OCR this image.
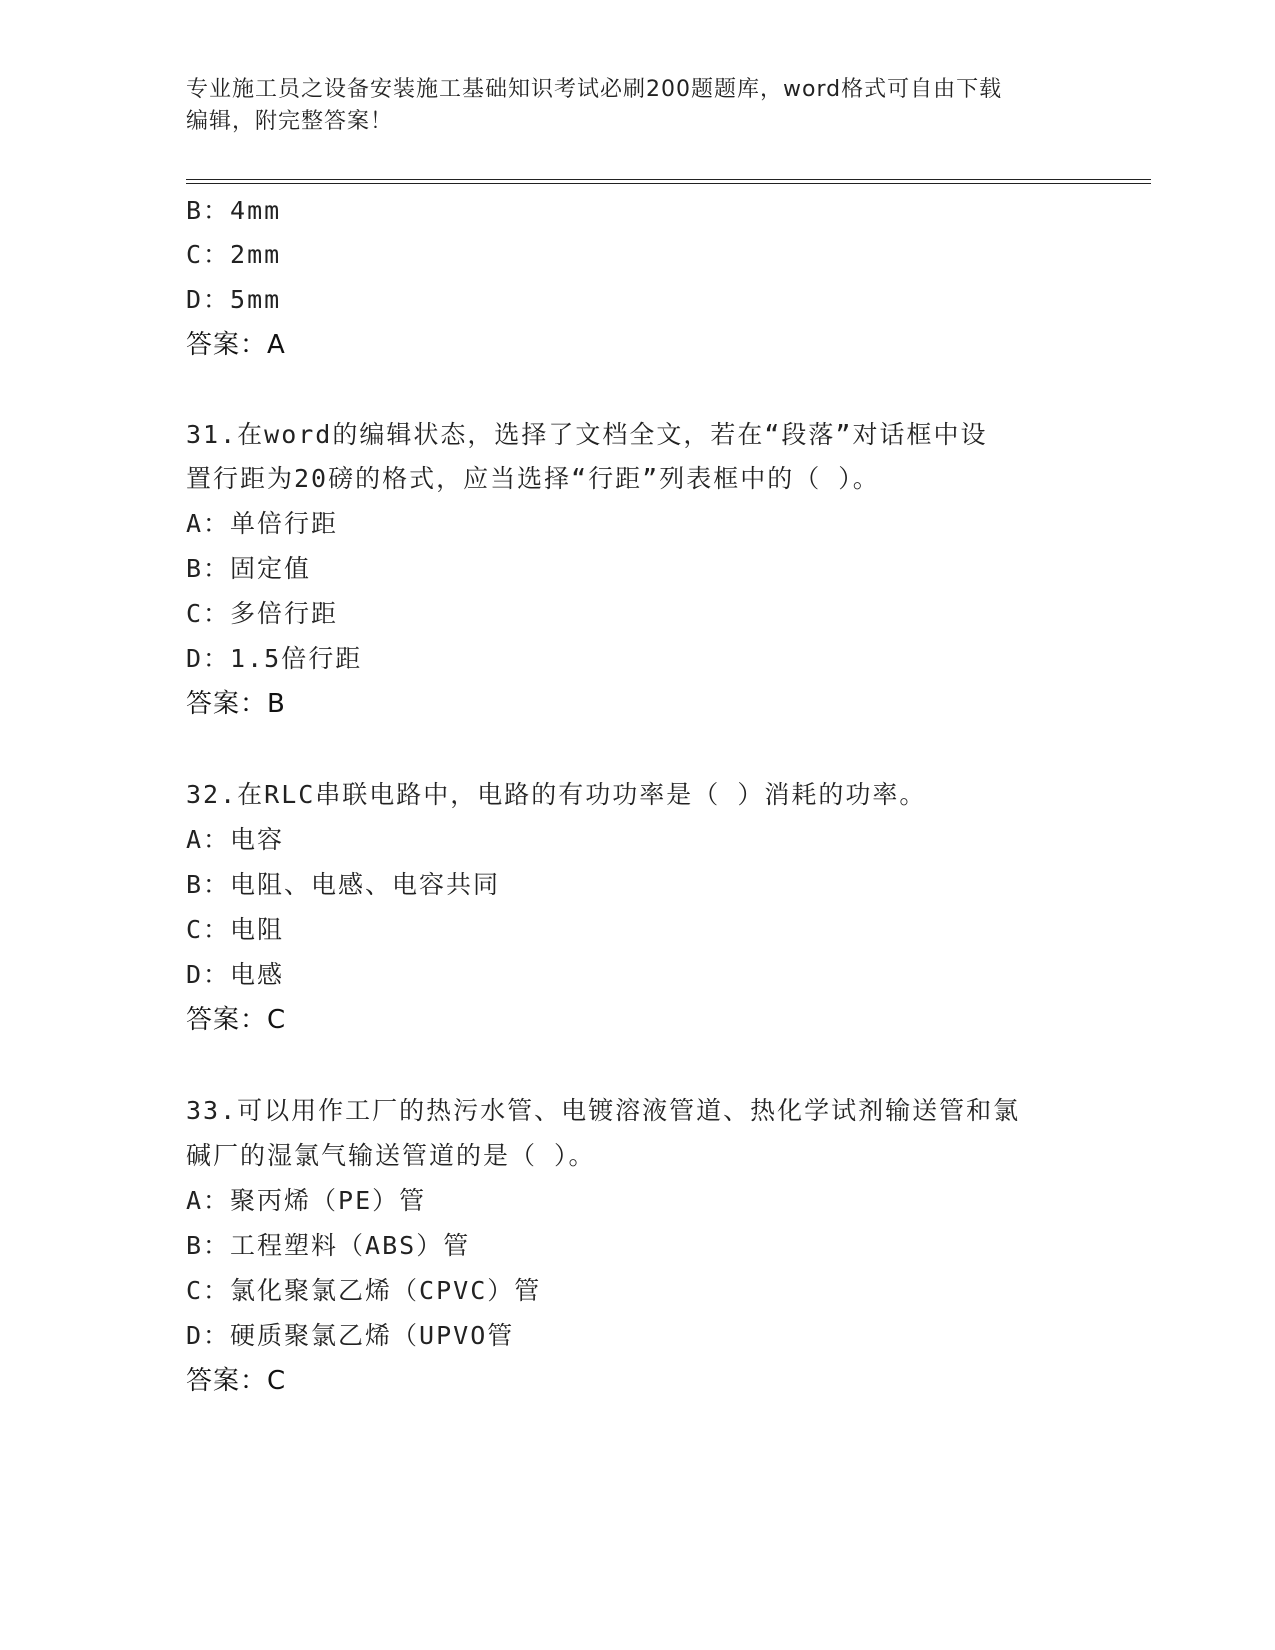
专业施工员之设备安装施工基础知识考试必刷200题题库，word格式可自由下载
编辑，附完整答案！
B：4mm
C：2mm
D：5mm
答案：A
31.在word的编辑状态，选择了文档全文，若在“段落”对话框中设
置行距为20磅的格式，应当选择“行距”列表框中的（ ）。
A：单倍行距
B：固定值
C：多倍行距
D：1.5倍行距
答案：B
32.在RLC串联电路中，电路的有功功率是（ ）消耗的功率。
A：电容
B：电阻、电感、电容共同
C：电阻
D：电感
答案：C
33.可以用作工厂的热污水管、电镀溶液管道、热化学试剂输送管和氯
碱厂的湿氯气输送管道的是（ ）。
A：聚丙烯（PE）管
B：工程塑料（ABS）管
C：氯化聚氯乙烯（CPVC）管
D：硬质聚氯乙烯（UPVO管
答案：C
